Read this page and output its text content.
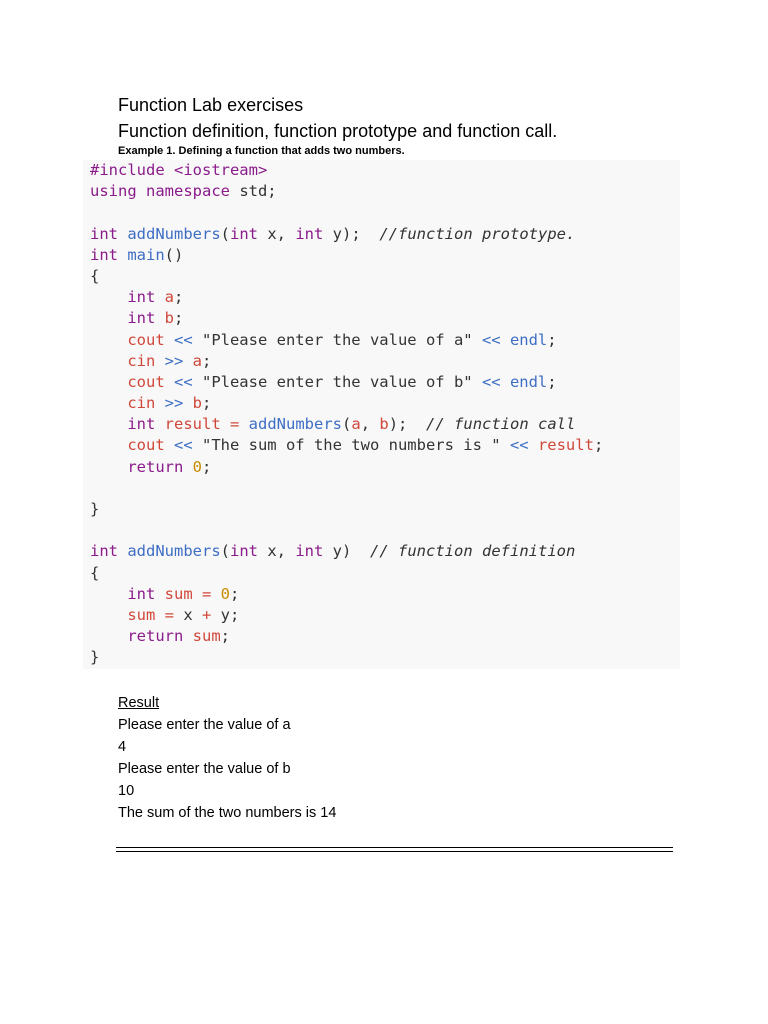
Function Lab exercises
Function definition, function prototype and function call.
Example 1. Defining a function that adds two numbers.
#include <iostream>
using namespace std;

int addNumbers(int x, int y);  //function prototype.
int main()
{
int a;
int b;
cout << "Please enter the value of a" << endl;
cin >> a;
cout << "Please enter the value of b" << endl;
cin >> b;
int result = addNumbers(a, b);  // function call
cout << "The sum of the two numbers is " << result;
return 0;

}

int addNumbers(int x, int y)  // function definition
{
int sum = 0;
sum = x + y;
return sum;
}
Result
Please enter the value of a
4
Please enter the value of b
10
The sum of the two numbers is 14
